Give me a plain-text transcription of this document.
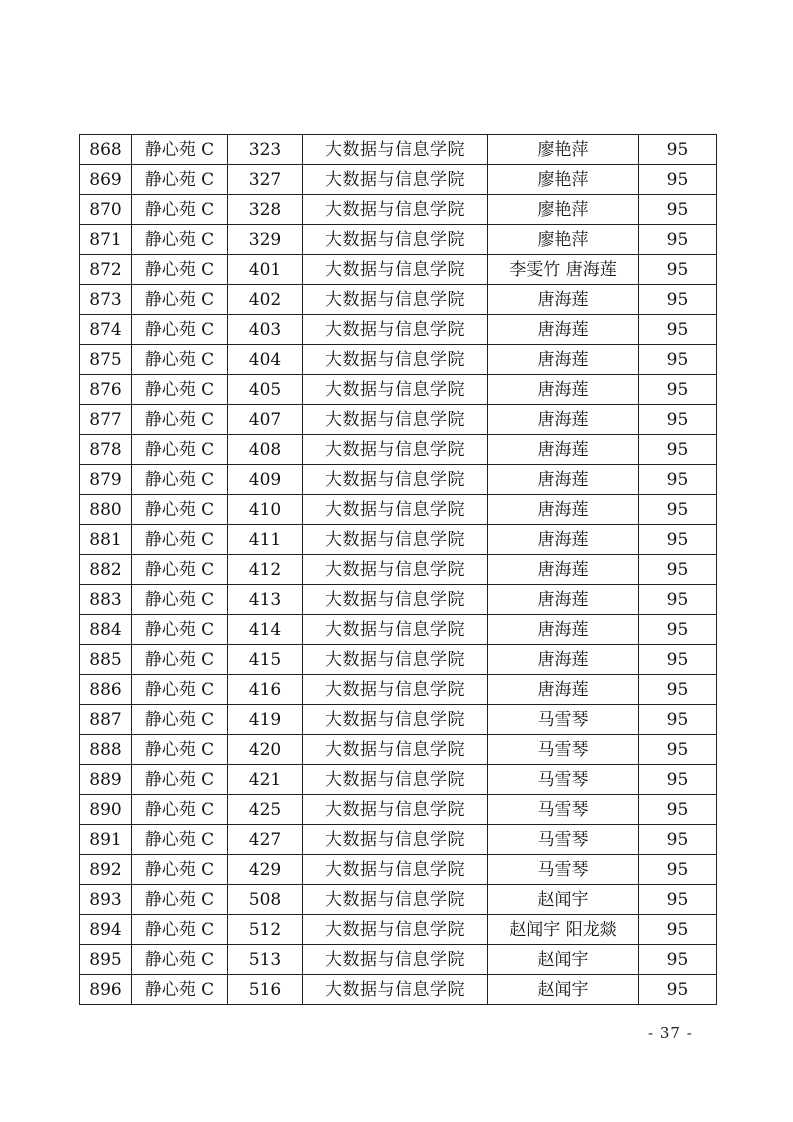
868	静心苑 C	323	大数据与信息学院	廖艳萍	95
869	静心苑 C	327	大数据与信息学院	廖艳萍	95
870	静心苑 C	328	大数据与信息学院	廖艳萍	95
871	静心苑 C	329	大数据与信息学院	廖艳萍	95
872	静心苑 C	401	大数据与信息学院	李雯竹 唐海莲	95
873	静心苑 C	402	大数据与信息学院	唐海莲	95
874	静心苑 C	403	大数据与信息学院	唐海莲	95
875	静心苑 C	404	大数据与信息学院	唐海莲	95
876	静心苑 C	405	大数据与信息学院	唐海莲	95
877	静心苑 C	407	大数据与信息学院	唐海莲	95
878	静心苑 C	408	大数据与信息学院	唐海莲	95
879	静心苑 C	409	大数据与信息学院	唐海莲	95
880	静心苑 C	410	大数据与信息学院	唐海莲	95
881	静心苑 C	411	大数据与信息学院	唐海莲	95
882	静心苑 C	412	大数据与信息学院	唐海莲	95
883	静心苑 C	413	大数据与信息学院	唐海莲	95
884	静心苑 C	414	大数据与信息学院	唐海莲	95
885	静心苑 C	415	大数据与信息学院	唐海莲	95
886	静心苑 C	416	大数据与信息学院	唐海莲	95
887	静心苑 C	419	大数据与信息学院	马雪琴	95
888	静心苑 C	420	大数据与信息学院	马雪琴	95
889	静心苑 C	421	大数据与信息学院	马雪琴	95
890	静心苑 C	425	大数据与信息学院	马雪琴	95
891	静心苑 C	427	大数据与信息学院	马雪琴	95
892	静心苑 C	429	大数据与信息学院	马雪琴	95
893	静心苑 C	508	大数据与信息学院	赵闻宇	95
894	静心苑 C	512	大数据与信息学院	赵闻宇 阳龙燚	95
895	静心苑 C	513	大数据与信息学院	赵闻宇	95
896	静心苑 C	516	大数据与信息学院	赵闻宇	95
- 37 -
